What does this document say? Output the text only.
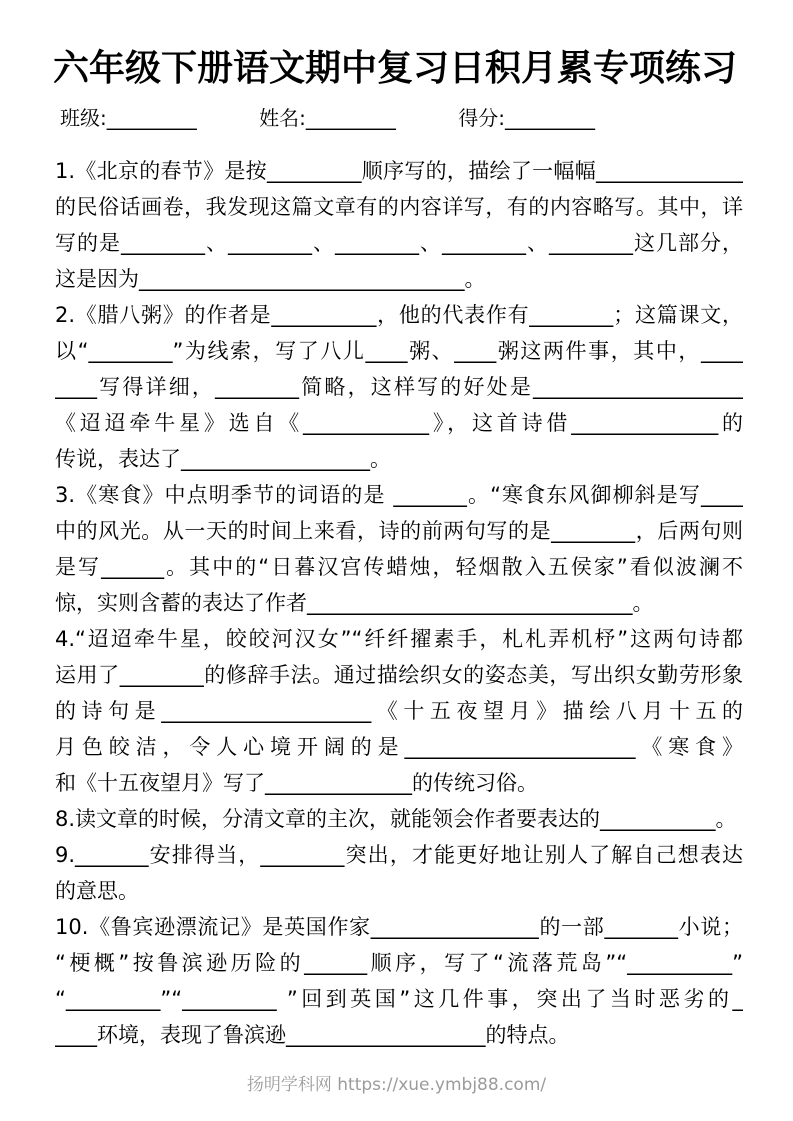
六年级下册语文期中复习日积月累专项练习
班级:_________	姓名:_________	得分:_________
1.《北京的春节》是按_________顺序写的，描绘了一幅幅______________
的民俗话画卷，我发现这篇文章有的内容详写，有的内容略写。其中，详
写的是________、________、________、________、________这几部分，
这是因为_______________________________。
2.《腊八粥》的作者是__________，他的代表作有________；这篇课文，
以“________”为线索，写了八儿____粥、____粥这两件事，其中，____
____写得详细，________简略，这样写的好处是____________________
《迢迢牵牛星》选自《____________》，这首诗借______________的
传说，表达了__________________。
3.《寒食》中点明季节的词语的是 _______。“寒食东风御柳斜是写____
中的风光。从一天的时间上来看，诗的前两句写的是________，后两句则
是写______。其中的“日暮汉宫传蜡烛，轻烟散入五侯家”看似波澜不
惊，实则含蓄的表达了作者_______________________________。
4.“迢迢牵牛星，皎皎河汉女”“纤纤擢素手，札札弄机杼”这两句诗都
运用了________的修辞手法。通过描绘织女的姿态美，写出织女勤劳形象
的诗句是____________________《十五夜望月》描绘八月十五的
月色皎洁，令人心境开阔的是______________________《寒食》
和《十五夜望月》写了______________的传统习俗。
8.读文章的时候，分清文章的主次，就能领会作者要表达的___________。
9._______安排得当，________突出，才能更好地让别人了解自己想表达
的意思。
10.《鲁宾逊漂流记》是英国作家________________的一部_______小说；
“梗概”按鲁滨逊历险的______顺序，写了“流落荒岛”“__________”
“_________”“_________ ”回到英国”这几件事，突出了当时恶劣的_
____环境，表现了鲁滨逊___________________的特点。
扬明学科网 https://xue.ymbj88.com/
